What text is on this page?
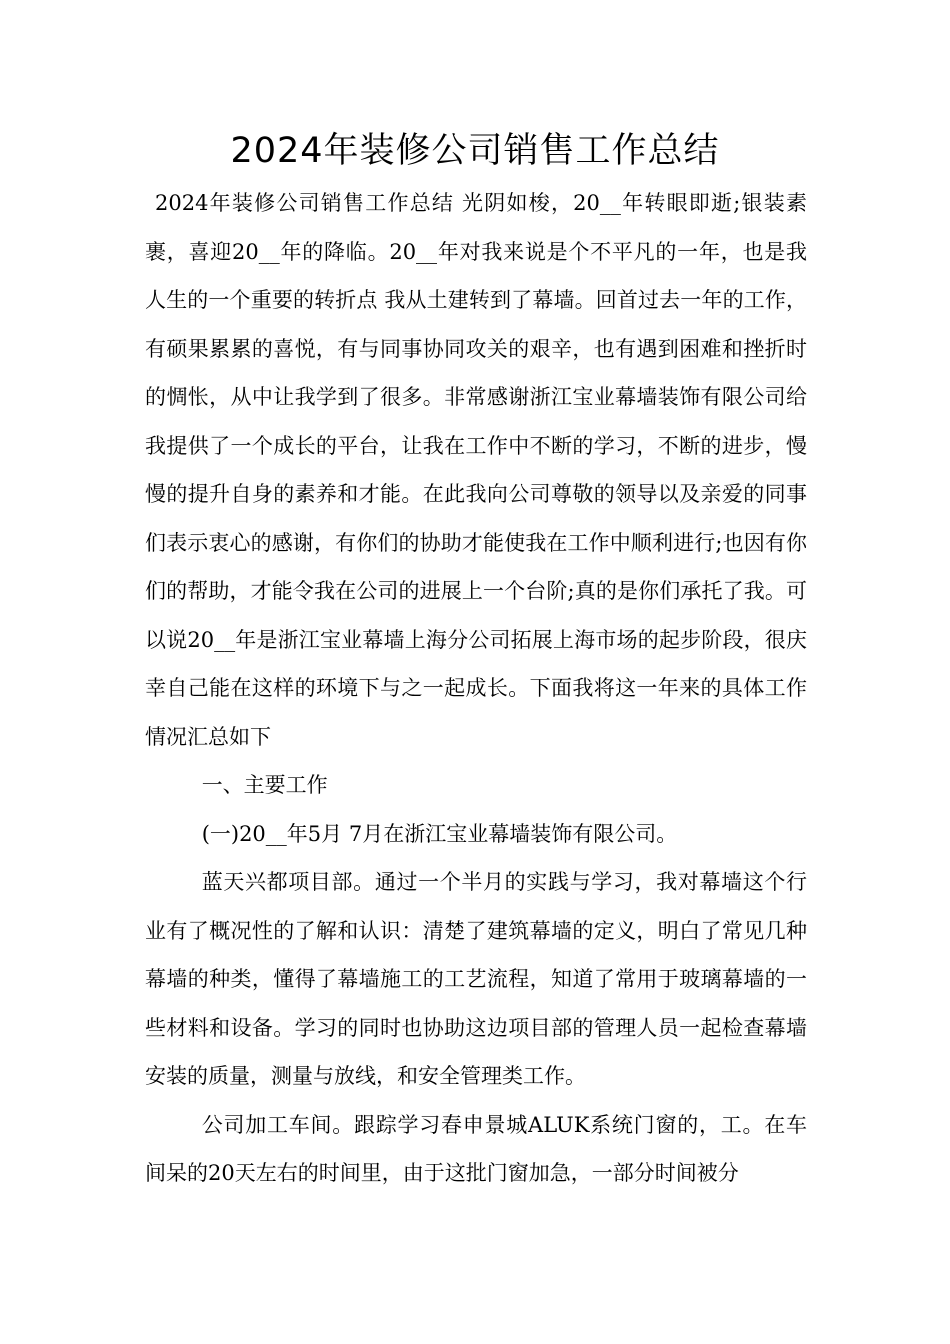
2024年装修公司销售工作总结

2024年装修公司销售工作总结 光阴如梭，20__年转眼即逝;银装素裹，喜迎20__年的降临。20__年对我来说是个不平凡的一年，也是我人生的一个重要的转折点 我从土建转到了幕墙。回首过去一年的工作，有硕果累累的喜悦，有与同事协同攻关的艰辛，也有遇到困难和挫折时的惆怅，从中让我学到了很多。非常感谢浙江宝业幕墙装饰有限公司给我提供了一个成长的平台，让我在工作中不断的学习，不断的进步，慢慢的提升自身的素养和才能。在此我向公司尊敬的领导以及亲爱的同事们表示衷心的感谢，有你们的协助才能使我在工作中顺利进行;也因有你们的帮助，才能令我在公司的进展上一个台阶;真的是你们承托了我。可以说20__年是浙江宝业幕墙上海分公司拓展上海市场的起步阶段，很庆幸自己能在这样的环境下与之一起成长。下面我将这一年来的具体工作情况汇总如下

一、主要工作

(一)20__年5月 7月在浙江宝业幕墙装饰有限公司。

蓝天兴都项目部。通过一个半月的实践与学习，我对幕墙这个行业有了概况性的了解和认识：清楚了建筑幕墙的定义，明白了常见几种幕墙的种类，懂得了幕墙施工的工艺流程，知道了常用于玻璃幕墙的一些材料和设备。学习的同时也协助这边项目部的管理人员一起检查幕墙安装的质量，测量与放线，和安全管理类工作。

公司加工车间。跟踪学习春申景城ALUK系统门窗的，工。在车间呆的20天左右的时间里，由于这批门窗加急，一部分时间被分
